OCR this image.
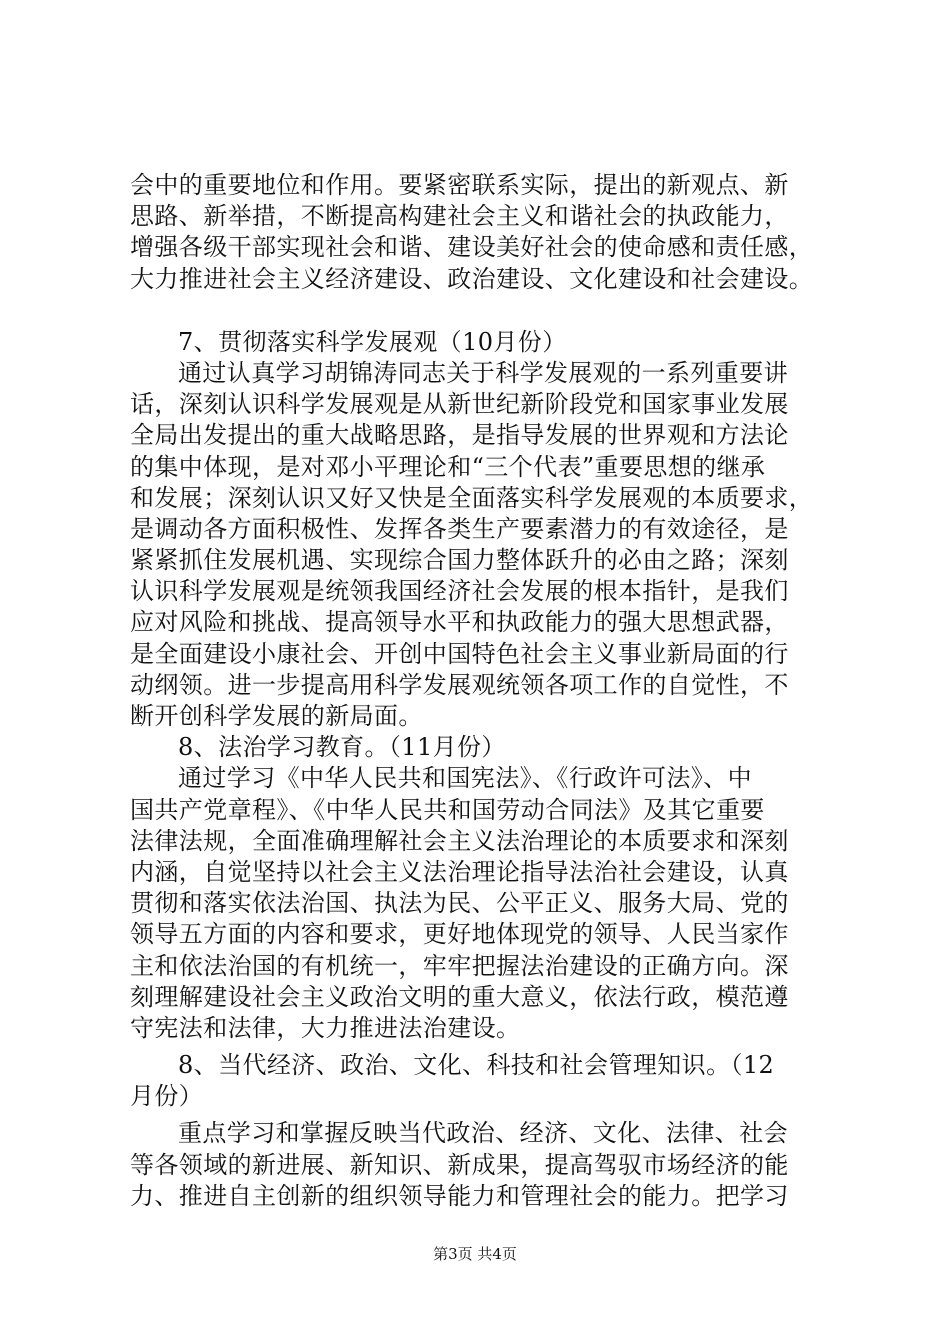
会中的重要地位和作用。要紧密联系实际，提出的新观点、新
思路、新举措，不断提高构建社会主义和谐社会的执政能力，
增强各级干部实现社会和谐、建设美好社会的使命感和责任感，
大力推进社会主义经济建设、政治建设、文化建设和社会建设。
7、贯彻落实科学发展观（10月份）
通过认真学习胡锦涛同志关于科学发展观的一系列重要讲
话，深刻认识科学发展观是从新世纪新阶段党和国家事业发展
全局出发提出的重大战略思路，是指导发展的世界观和方法论
的集中体现，是对邓小平理论和“三个代表”重要思想的继承
和发展；深刻认识又好又快是全面落实科学发展观的本质要求，
是调动各方面积极性、发挥各类生产要素潜力的有效途径，是
紧紧抓住发展机遇、实现综合国力整体跃升的必由之路；深刻
认识科学发展观是统领我国经济社会发展的根本指针，是我们
应对风险和挑战、提高领导水平和执政能力的强大思想武器，
是全面建设小康社会、开创中国特色社会主义事业新局面的行
动纲领。进一步提高用科学发展观统领各项工作的自觉性，不
断开创科学发展的新局面。
8、法治学习教育。（11月份）
通过学习《中华人民共和国宪法》、《行政许可法》、中
国共产党章程》、《中华人民共和国劳动合同法》及其它重要
法律法规，全面准确理解社会主义法治理论的本质要求和深刻
内涵，自觉坚持以社会主义法治理论指导法治社会建设，认真
贯彻和落实依法治国、执法为民、公平正义、服务大局、党的
领导五方面的内容和要求，更好地体现党的领导、人民当家作
主和依法治国的有机统一，牢牢把握法治建设的正确方向。深
刻理解建设社会主义政治文明的重大意义，依法行政，模范遵
守宪法和法律，大力推进法治建设。
8、当代经济、政治、文化、科技和社会管理知识。（12
月份）
重点学习和掌握反映当代政治、经济、文化、法律、社会
等各领域的新进展、新知识、新成果，提高驾驭市场经济的能
力、推进自主创新的组织领导能力和管理社会的能力。把学习
第3页 共4页
